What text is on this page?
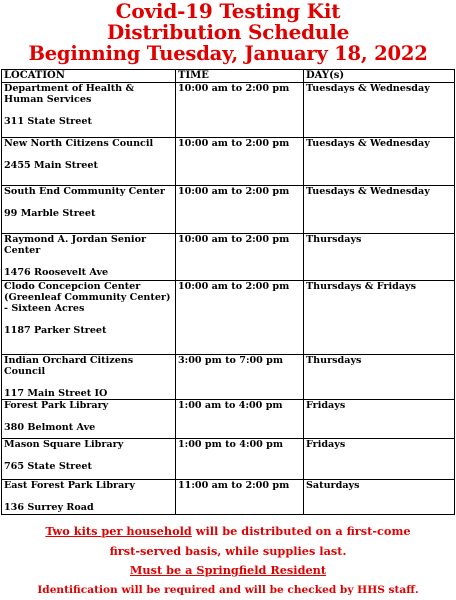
Covid-19 Testing Kit
Distribution Schedule
Beginning Tuesday, January 18, 2022
LOCATION	TIME	DAY(s)
Department of Health & Human Services
311 State Street	10:00 am to 2:00 pm	Tuesdays & Wednesday
New North Citizens Council
2455 Main Street	10:00 am to 2:00 pm	Tuesdays & Wednesday
South End Community Center
99 Marble Street	10:00 am to 2:00 pm	Tuesdays & Wednesday
Raymond A. Jordan Senior Center
1476 Roosevelt Ave	10:00 am to 2:00 pm	Thursdays
Clodo Concepcion Center (Greenleaf Community Center) - Sixteen Acres
1187 Parker Street	10:00 am to 2:00 pm	Thursdays & Fridays
Indian Orchard Citizens Council
117 Main Street IO	3:00 pm to 7:00 pm	Thursdays
Forest Park Library
380 Belmont Ave	1:00 am to 4:00 pm	Fridays
Mason Square Library
765 State Street	1:00 pm to 4:00 pm	Fridays
East Forest Park Library
136 Surrey Road	11:00 am to 2:00 pm	Saturdays
Two kits per household will be distributed on a first-come
first-served basis, while supplies last.
Must be a Springfield Resident
Identification will be required and will be checked by HHS staff.
